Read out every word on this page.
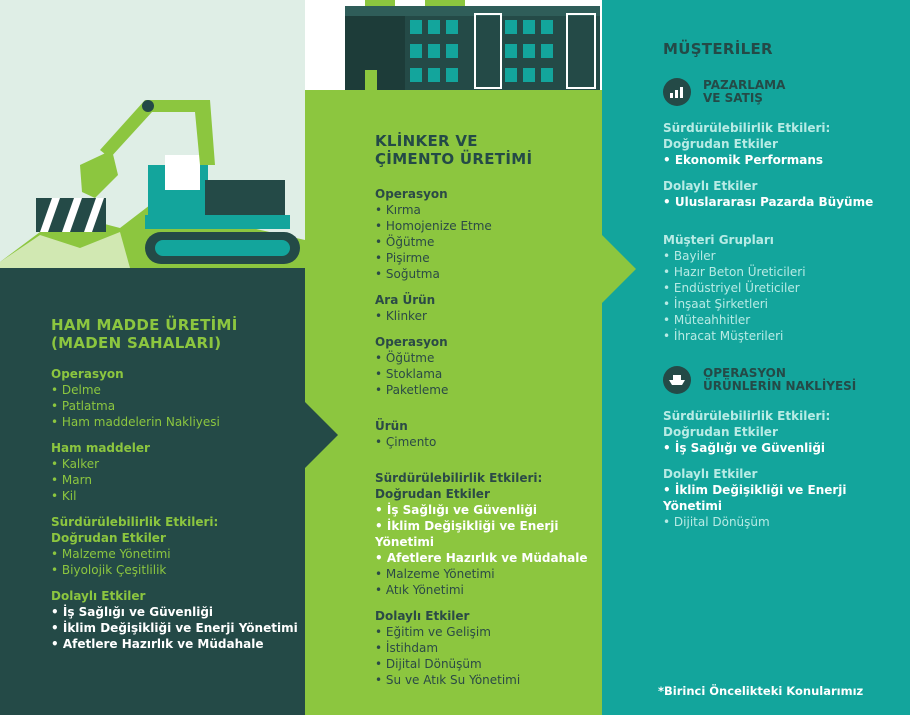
HAM MADDE ÜRETİMİ
(MADEN SAHALARI)
Operasyon
• Delme
• Patlatma
• Ham maddelerin Nakliyesi
Ham maddeler
• Kalker
• Marn
• Kil
Sürdürülebilirlik Etkileri:
Doğrudan Etkiler
• Malzeme Yönetimi
• Biyolojik Çeşitlilik
Dolaylı Etkiler
• İş Sağlığı ve Güvenliği
• İklim Değişikliği ve Enerji Yönetimi
• Afetlere Hazırlık ve Müdahale
KLİNKER VE
ÇİMENTO ÜRETİMİ
Operasyon
• Kırma
• Homojenize Etme
• Öğütme
• Pişirme
• Soğutma
Ara Ürün
• Klinker
Operasyon
• Öğütme
• Stoklama
• Paketleme
Ürün
• Çimento
Sürdürülebilirlik Etkileri:
Doğrudan Etkiler
• İş Sağlığı ve Güvenliği
• İklim Değişikliği ve Enerji Yönetimi
• Afetlere Hazırlık ve Müdahale
• Malzeme Yönetimi
• Atık Yönetimi
Dolaylı Etkiler
• Eğitim ve Gelişim
• İstihdam
• Dijital Dönüşüm
• Su ve Atık Su Yönetimi
MÜŞTERİLER
PAZARLAMA
VE SATIŞ
Sürdürülebilirlik Etkileri:
Doğrudan Etkiler
• Ekonomik Performans
Dolaylı Etkiler
• Uluslararası Pazarda Büyüme
Müşteri Grupları
• Bayiler
• Hazır Beton Üreticileri
• Endüstriyel Üreticiler
• İnşaat Şirketleri
• Müteahhitler
• İhracat Müşterileri
OPERASYON
ÜRÜNLERİN NAKLİYESİ
Sürdürülebilirlik Etkileri:
Doğrudan Etkiler
• İş Sağlığı ve Güvenliği
Dolaylı Etkiler
• İklim Değişikliği ve Enerji Yönetimi
• Dijital Dönüşüm
*Birinci Öncelikteki Konularımız
